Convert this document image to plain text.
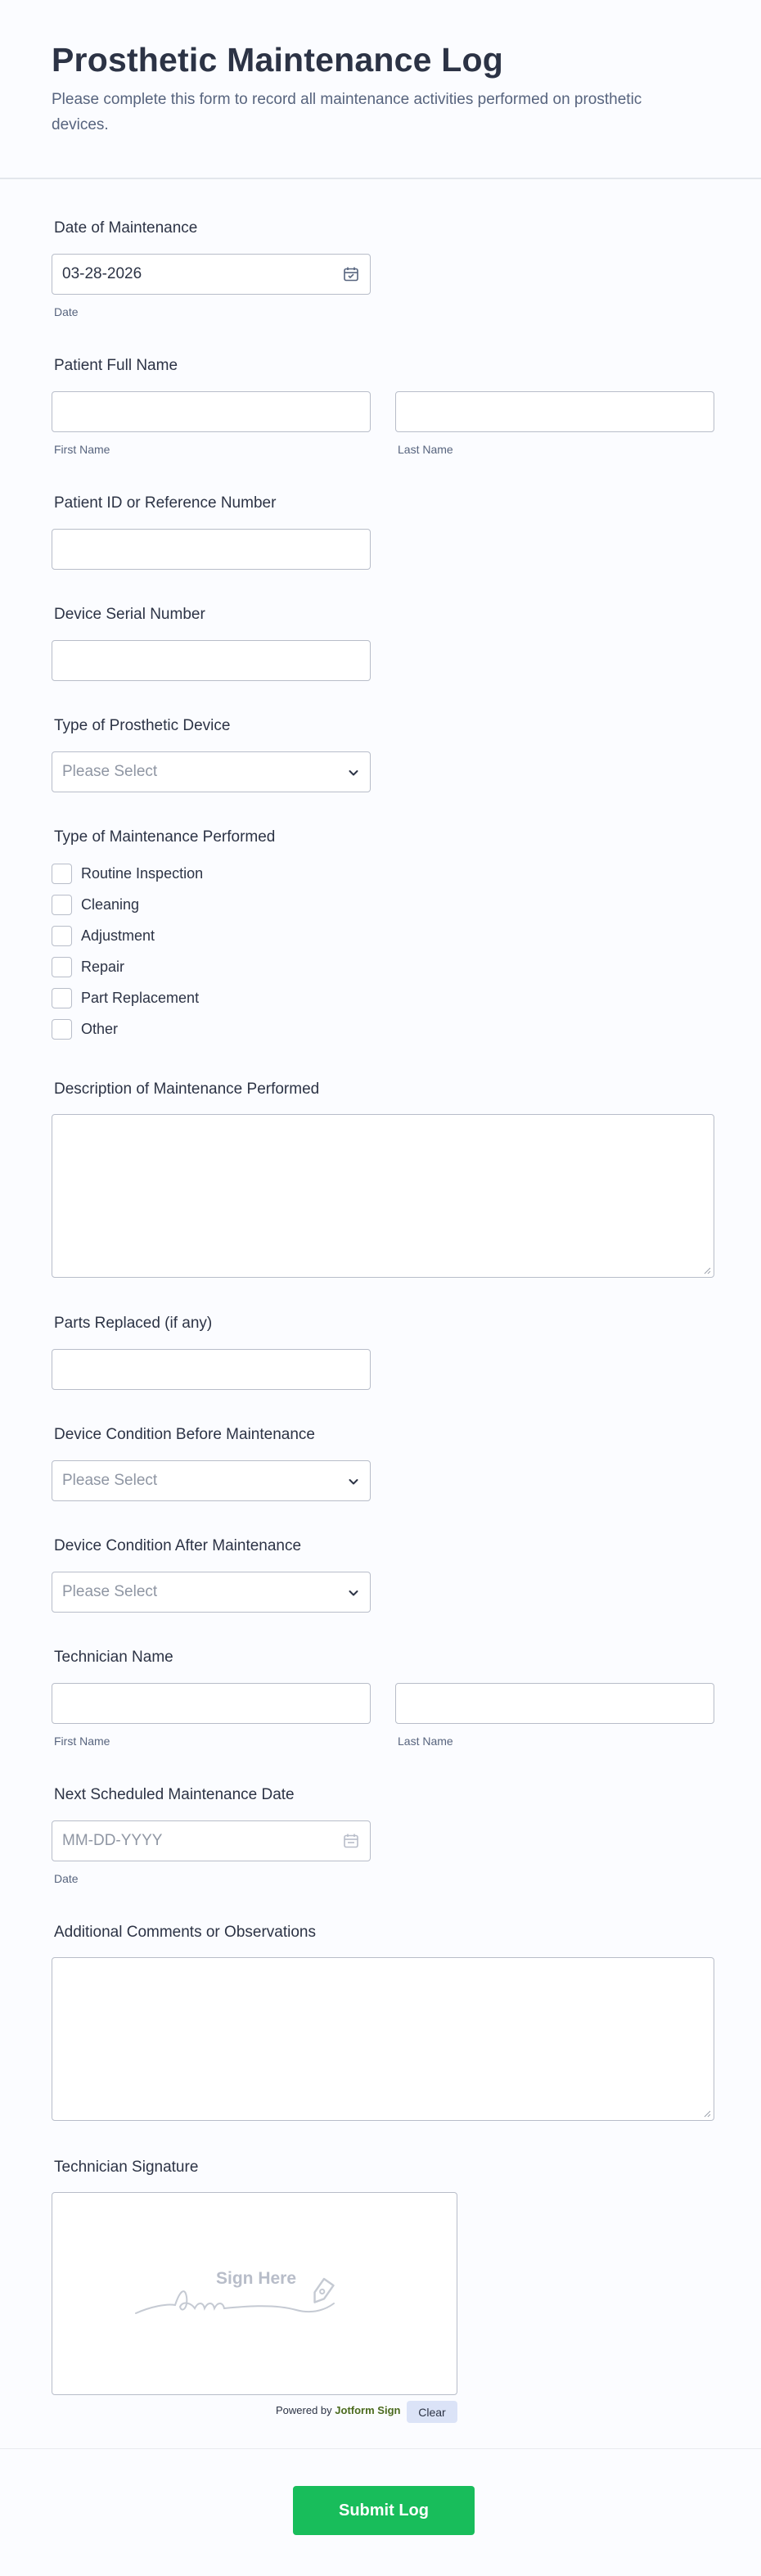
Prosthetic Maintenance Log

Please complete this form to record all maintenance activities performed on prosthetic devices.

Date of Maintenance
03-28-2026
Date
Patient Full Name
First Name	Last Name
Patient ID or Reference Number
Device Serial Number
Type of Prosthetic Device
Please Select
Type of Maintenance Performed
Routine Inspection
Cleaning
Adjustment
Repair
Part Replacement
Other
Description of Maintenance Performed
Parts Replaced (if any)
Device Condition Before Maintenance
Please Select
Device Condition After Maintenance
Please Select
Technician Name
First Name	Last Name
Next Scheduled Maintenance Date
MM-DD-YYYY
Date
Additional Comments or Observations
Technician Signature
Sign Here
Powered by Jotform Sign	Clear
Submit Log
